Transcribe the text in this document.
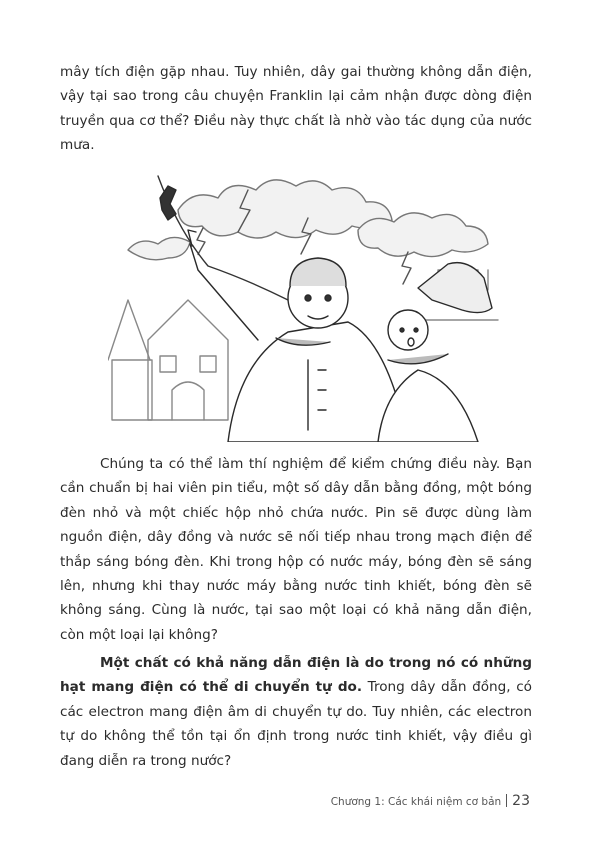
mây tích điện gặp nhau. Tuy nhiên, dây gai thường không dẫn điện, vậy tại sao trong câu chuyện Franklin lại cảm nhận được dòng điện truyền qua cơ thể? Điều này thực chất là nhờ vào tác dụng của nước mưa.

Chúng ta có thể làm thí nghiệm để kiểm chứng điều này. Bạn cần chuẩn bị hai viên pin tiểu, một số dây dẫn bằng đồng, một bóng đèn nhỏ và một chiếc hộp nhỏ chứa nước. Pin sẽ được dùng làm nguồn điện, dây đồng và nước sẽ nối tiếp nhau trong mạch điện để thắp sáng bóng đèn. Khi trong hộp có nước máy, bóng đèn sẽ sáng lên, nhưng khi thay nước máy bằng nước tinh khiết, bóng đèn sẽ không sáng. Cùng là nước, tại sao một loại có khả năng dẫn điện, còn một loại lại không?

Một chất có khả năng dẫn điện là do trong nó có những hạt mang điện có thể di chuyển tự do. Trong dây dẫn đồng, có các electron mang điện âm di chuyển tự do. Tuy nhiên, các electron tự do không thể tồn tại ổn định trong nước tinh khiết, vậy điều gì đang diễn ra trong nước?

Chương 1: Các khái niệm cơ bản 23
